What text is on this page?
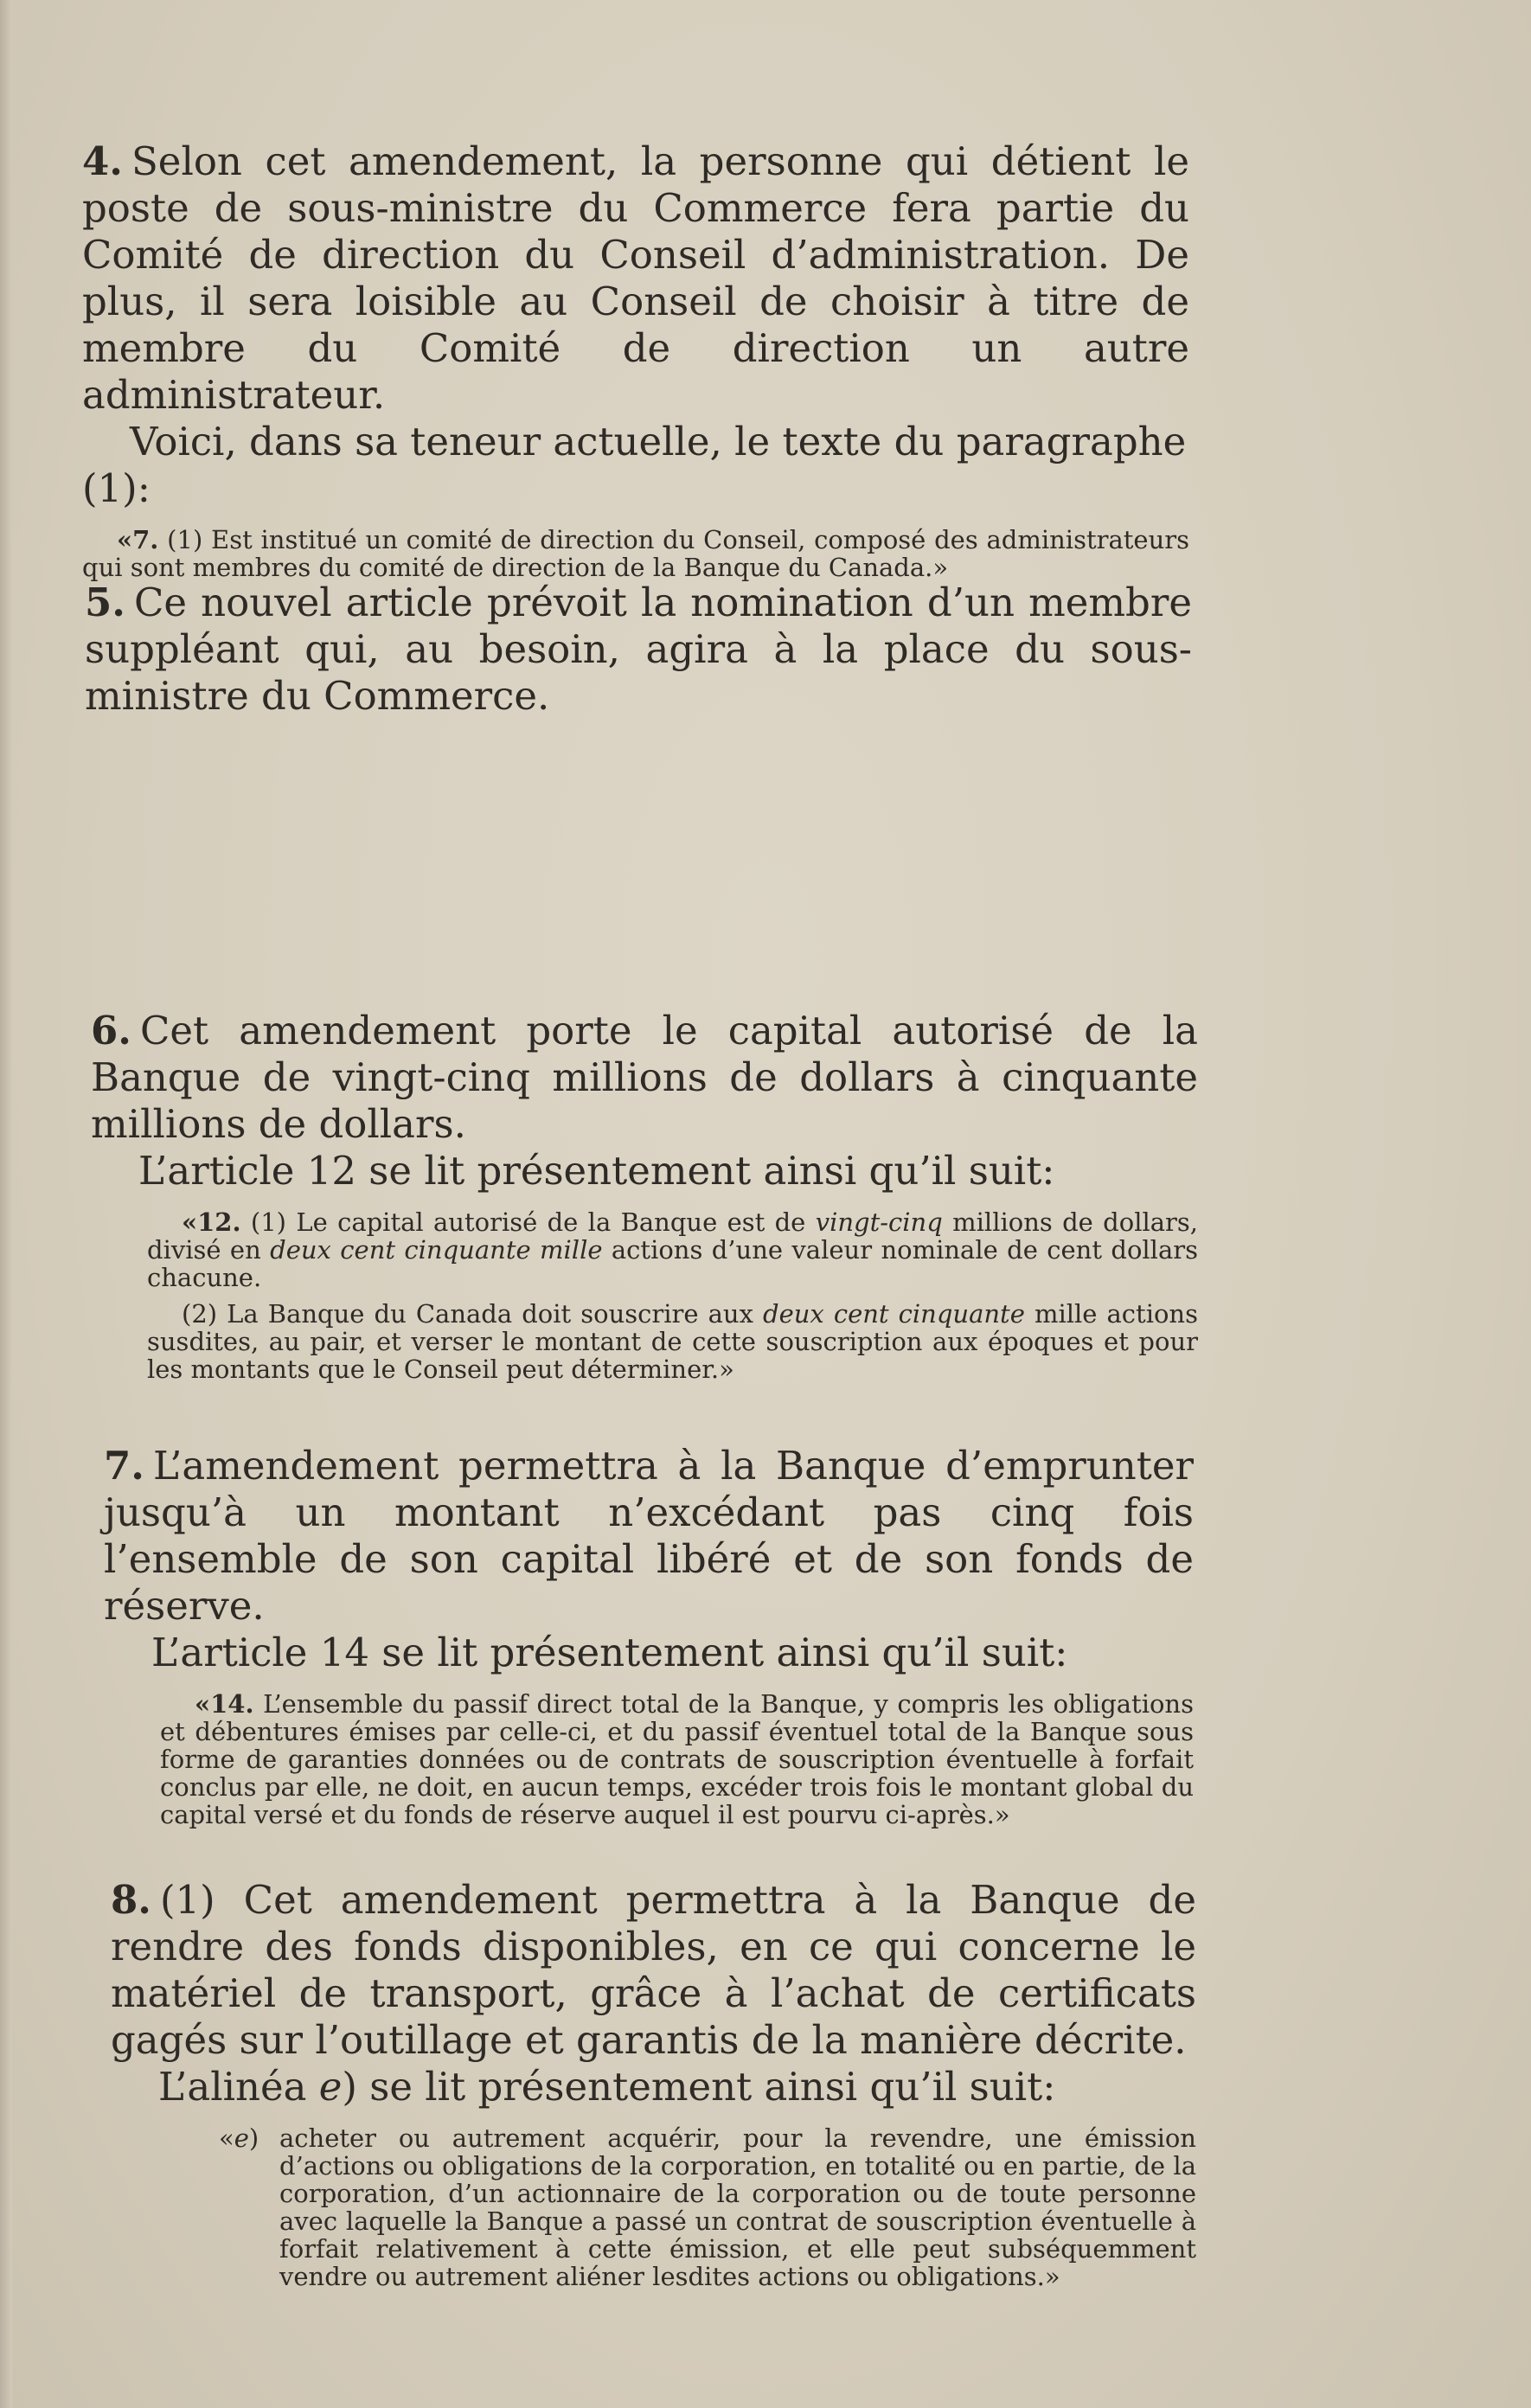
4. Selon cet amendement, la personne qui détient le poste de sous-ministre du Commerce fera partie du Comité de direction du Conseil d’administration. De plus, il sera loisible au Conseil de choisir à titre de membre du Comité de direction un autre administrateur.

Voici, dans sa teneur actuelle, le texte du paragraphe (1):

«7. (1) Est institué un comité de direction du Conseil, composé des administrateurs qui sont membres du comité de direction de la Banque du Canada.»

5. Ce nouvel article prévoit la nomination d’un membre suppléant qui, au besoin, agira à la place du sous-ministre du Commerce.

6. Cet amendement porte le capital autorisé de la Banque de vingt-cinq millions de dollars à cinquante millions de dollars.

L’article 12 se lit présentement ainsi qu’il suit:

«12. (1) Le capital autorisé de la Banque est de vingt-cinq millions de dollars, divisé en deux cent cinquante mille actions d’une valeur nominale de cent dollars chacune.

(2) La Banque du Canada doit souscrire aux deux cent cinquante mille actions susdites, au pair, et verser le montant de cette souscription aux époques et pour les montants que le Conseil peut déterminer.»

7. L’amendement permettra à la Banque d’emprunter jusqu’à un montant n’excédant pas cinq fois l’ensemble de son capital libéré et de son fonds de réserve.

L’article 14 se lit présentement ainsi qu’il suit:

«14. L’ensemble du passif direct total de la Banque, y compris les obligations et débentures émises par celle-ci, et du passif éventuel total de la Banque sous forme de garanties données ou de contrats de souscription éventuelle à forfait conclus par elle, ne doit, en aucun temps, excéder trois fois le montant global du capital versé et du fonds de réserve auquel il est pourvu ci-après.»

8. (1) Cet amendement permettra à la Banque de rendre des fonds disponibles, en ce qui concerne le matériel de transport, grâce à l’achat de certificats gagés sur l’outillage et garantis de la manière décrite.

L’alinéa e) se lit présentement ainsi qu’il suit:

«e) acheter ou autrement acquérir, pour la revendre, une émission d’actions ou obligations de la corporation, en totalité ou en partie, de la corporation, d’un actionnaire de la corporation ou de toute personne avec laquelle la Banque a passé un contrat de souscription éventuelle à forfait relativement à cette émission, et elle peut subséquemment vendre ou autrement aliéner lesdites actions ou obligations.»
